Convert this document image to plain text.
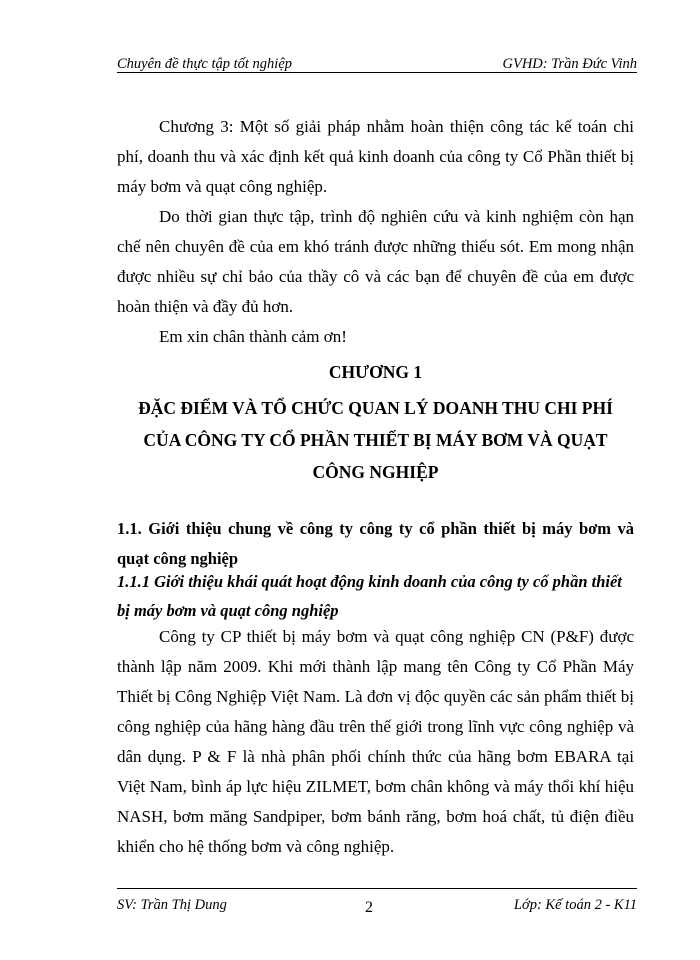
Chuyên đề thực tập tốt nghiệp	GVHD: Trần Đức Vinh

Chương 3: Một số giải pháp nhằm hoàn thiện công tác kế toán chi phí, doanh thu và xác định kết quả kinh doanh của công ty Cổ Phần thiết bị máy bơm và quạt công nghiệp.

Do thời gian thực tập, trình độ nghiên cứu và kinh nghiệm còn hạn chế nên chuyên đề của em khó tránh được những thiếu sót. Em mong nhận được nhiều sự chỉ bảo của thầy cô và các bạn để chuyên đề của em được hoàn thiện và đầy đủ hơn.

Em xin chân thành cảm ơn!

CHƯƠNG 1
ĐẶC ĐIỂM VÀ TỔ CHỨC QUAN LÝ DOANH THU CHI PHÍ CỦA CÔNG TY CỔ PHẦN THIẾT BỊ MÁY BƠM VÀ QUẠT CÔNG NGHIỆP
1.1. Giới thiệu chung về công ty công ty cổ phần thiết bị máy bơm và quạt công nghiệp
1.1.1 Giới thiệu khái quát hoạt động kinh doanh của công ty cổ phần thiết bị máy bơm và quạt công nghiệp

Công ty CP thiết bị máy bơm và quạt công nghiệp CN (P&F) được thành lập năm 2009. Khi mới thành lập mang tên Công ty Cổ Phần Máy Thiết bị Công Nghiệp Việt Nam. Là đơn vị độc quyền các sản phẩm thiết bị công nghiệp của hãng hàng đầu trên thế giới trong lĩnh vực công nghiệp và dân dụng. P & F là nhà phân phối chính thức của hãng bơm EBARA tại Việt Nam, bình áp lực hiệu ZILMET, bơm chân không và máy thổi khí hiệu NASH, bơm măng Sandpiper, bơm bánh răng, bơm hoá chất, tủ điện điều khiển cho hệ thống bơm và công nghiệp.

SV: Trần Thị Dung	2	Lớp: Kế toán 2 - K11
